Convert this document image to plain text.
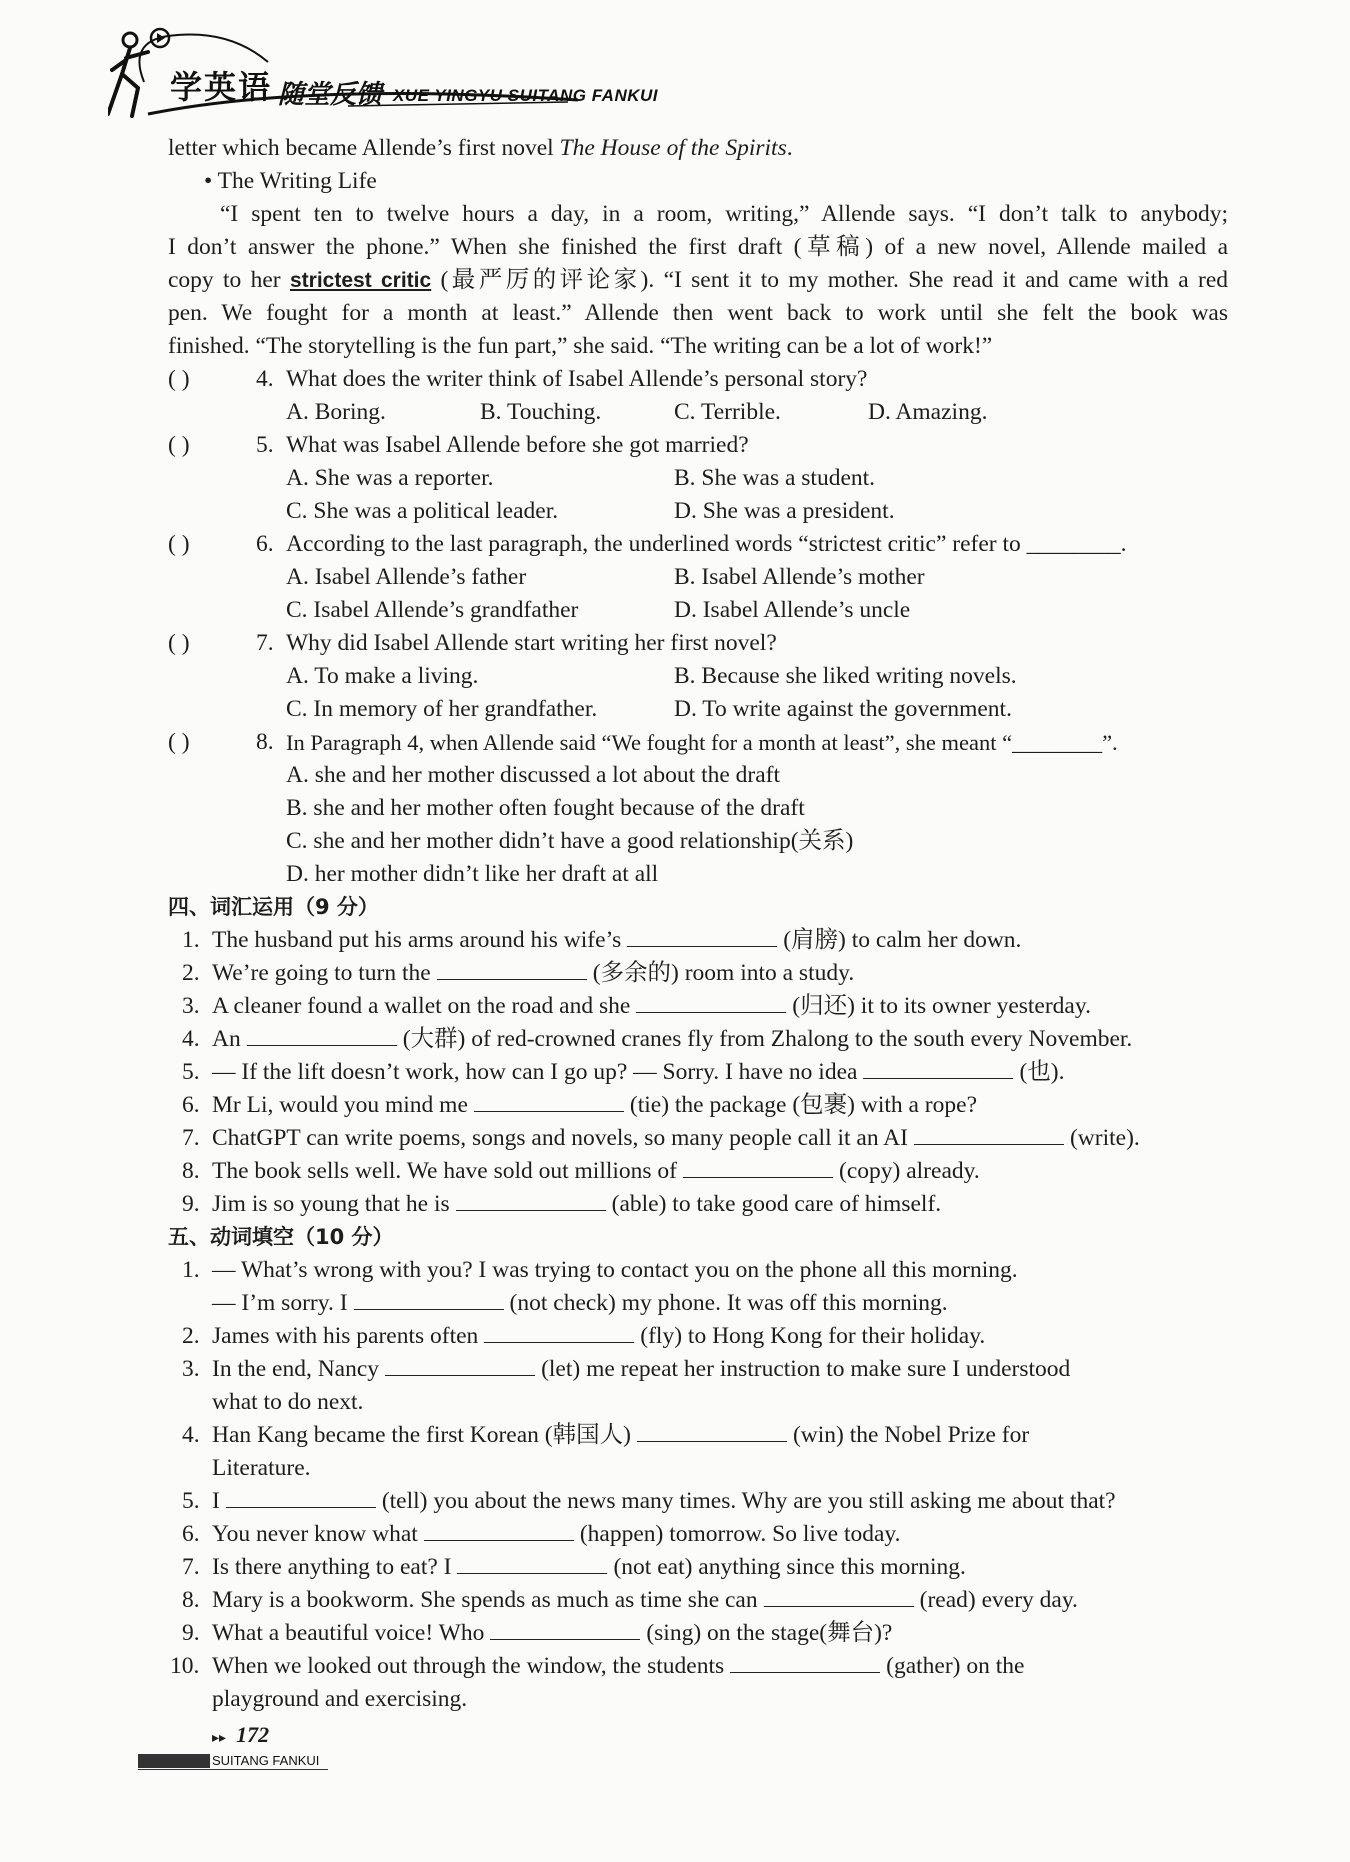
学英语 随堂反馈 XUE YINGYU SUITANG FANKUI
letter which became Allende’s first novel The House of the Spirits.
• The Writing Life
“I spent ten to twelve hours a day, in a room, writing,” Allende says. “I don’t talk to anybody;
I don’t answer the phone.” When she finished the first draft (草稿) of a new novel, Allende mailed a
copy to her strictest critic (最严厉的评论家). “I sent it to my mother. She read it and came with a red
pen. We fought for a month at least.” Allende then went back to work until she felt the book was
finished. “The storytelling is the fun part,” she said. “The writing can be a lot of work!”
( )	4. What does the writer think of Isabel Allende’s personal story?
A. Boring.	B. Touching.	C. Terrible.	D. Amazing.
( )	5. What was Isabel Allende before she got married?
A. She was a reporter.	B. She was a student.
C. She was a political leader.	D. She was a president.
( )	6. According to the last paragraph, the underlined words “strictest critic” refer to ________.
A. Isabel Allende’s father	B. Isabel Allende’s mother
C. Isabel Allende’s grandfather	D. Isabel Allende’s uncle
( )	7. Why did Isabel Allende start writing her first novel?
A. To make a living.	B. Because she liked writing novels.
C. In memory of her grandfather.	D. To write against the government.
( )	8. In Paragraph 4, when Allende said “We fought for a month at least”, she meant “________”.
A. she and her mother discussed a lot about the draft
B. she and her mother often fought because of the draft
C. she and her mother didn’t have a good relationship(关系)
D. her mother didn’t like her draft at all
四、词汇运用（9 分）
1. The husband put his arms around his wife’s	(肩膀) to calm her down.
2. We’re going to turn the	(多余的) room into a study.
3. A cleaner found a wallet on the road and she	(归还) it to its owner yesterday.
4. An	(大群) of red-crowned cranes fly from Zhalong to the south every November.
5. — If the lift doesn’t work, how can I go up? — Sorry. I have no idea	(也).
6. Mr Li, would you mind me	(tie) the package (包裹) with a rope?
7. ChatGPT can write poems, songs and novels, so many people call it an AI	(write).
8. The book sells well. We have sold out millions of	(copy) already.
9. Jim is so young that he is	(able) to take good care of himself.
五、动词填空（10 分）
1. — What’s wrong with you? I was trying to contact you on the phone all this morning.
— I’m sorry. I	(not check) my phone. It was off this morning.
2. James with his parents often	(fly) to Hong Kong for their holiday.
3. In the end, Nancy	(let) me repeat her instruction to make sure I understood
what to do next.
4. Han Kang became the first Korean (韩国人)	(win) the Nobel Prize for
Literature.
5. I	(tell) you about the news many times. Why are you still asking me about that?
6. You never know what	(happen) tomorrow. So live today.
7. Is there anything to eat? I	(not eat) anything since this morning.
8. Mary is a bookworm. She spends as much as time she can	(read) every day.
9. What a beautiful voice! Who	(sing) on the stage(舞台)?
10. When we looked out through the window, the students	(gather) on the
playground and exercising.
▸▸ 172
SUITANG FANKUI
